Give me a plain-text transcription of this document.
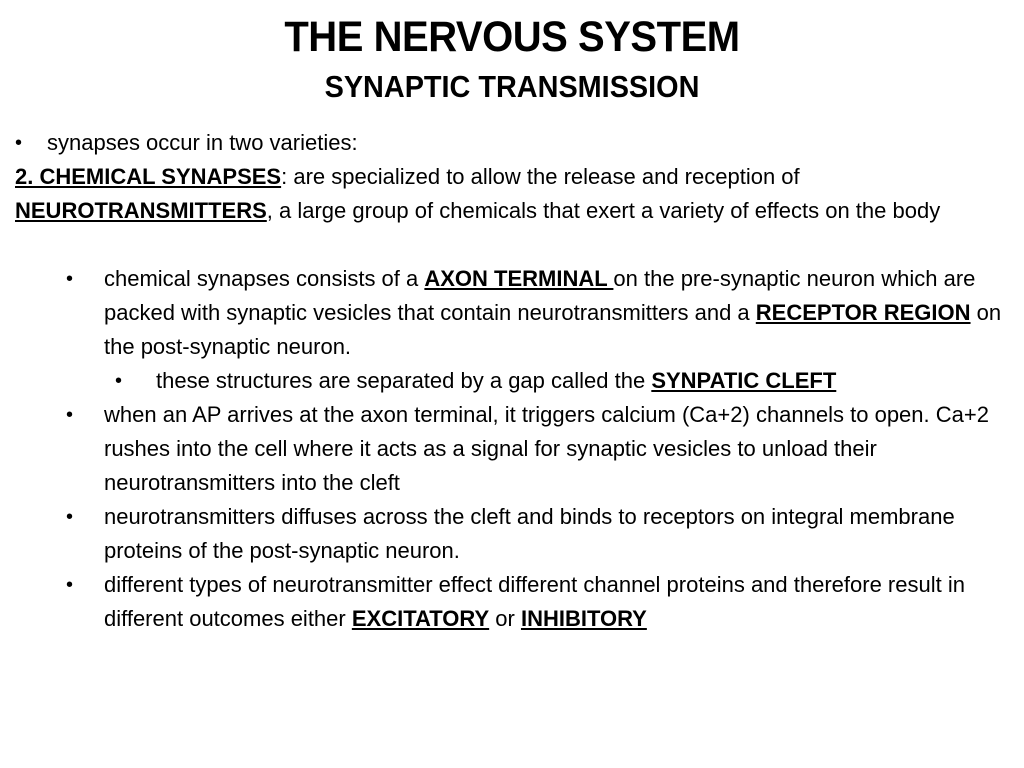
THE NERVOUS SYSTEM
SYNAPTIC TRANSMISSION
• synapses occur in two varieties:

2. CHEMICAL SYNAPSES: are specialized to allow the release and reception of NEUROTRANSMITTERS, a large group of chemicals that exert a variety of effects on the body

• chemical synapses consists of a AXON TERMINAL on the pre-synaptic neuron which are packed with synaptic vesicles that contain neurotransmitters and a RECEPTOR REGION on the post-synaptic neuron.
• these structures are separated by a gap called the SYNPATIC CLEFT
• when an AP arrives at the axon terminal, it triggers calcium (Ca+2) channels to open. Ca+2 rushes into the cell where it acts as a signal for synaptic vesicles to unload their neurotransmitters into the cleft
• neurotransmitters diffuses across the cleft and binds to receptors on integral membrane proteins of the post-synaptic neuron.
• different types of neurotransmitter effect different channel proteins and therefore result in different outcomes either EXCITATORY or INHIBITORY
